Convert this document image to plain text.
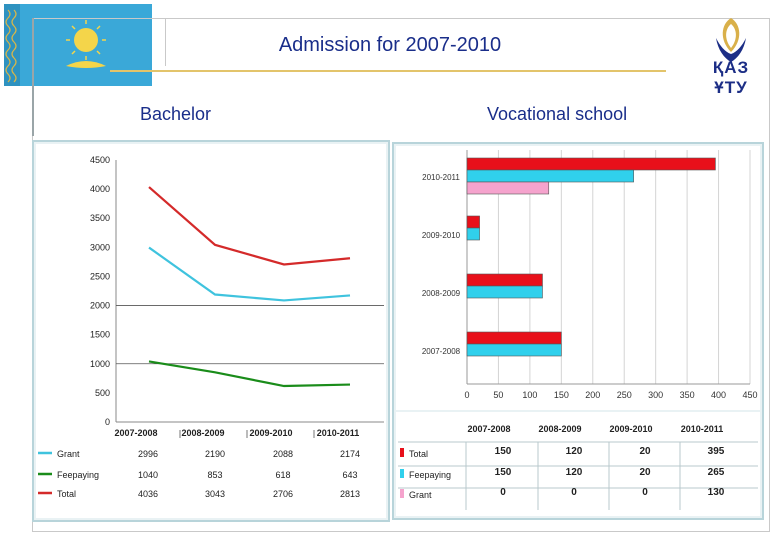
Admission for 2007-2010
ҚАЗ ҰТУ
Bachelor	Vocational school
0
500
1000
1500
2000
2500
3000
3500
4000
4500
2007-2008	2008-2009	2009-2010	2010-2011
Grant	2996	2190	2088	2174
Feepaying	1040	853	618	643
Total	4036	3043	2706	2813
0	50 100 150 200 250 300 350 400 450
2010-2011
2009-2010
2008-2009
2007-2008
2007-2008	2008-2009	2009-2010	2010-2011
Total	150	120	20	395
Feepaying	150	120	20	265
Grant	0	0	0	130
